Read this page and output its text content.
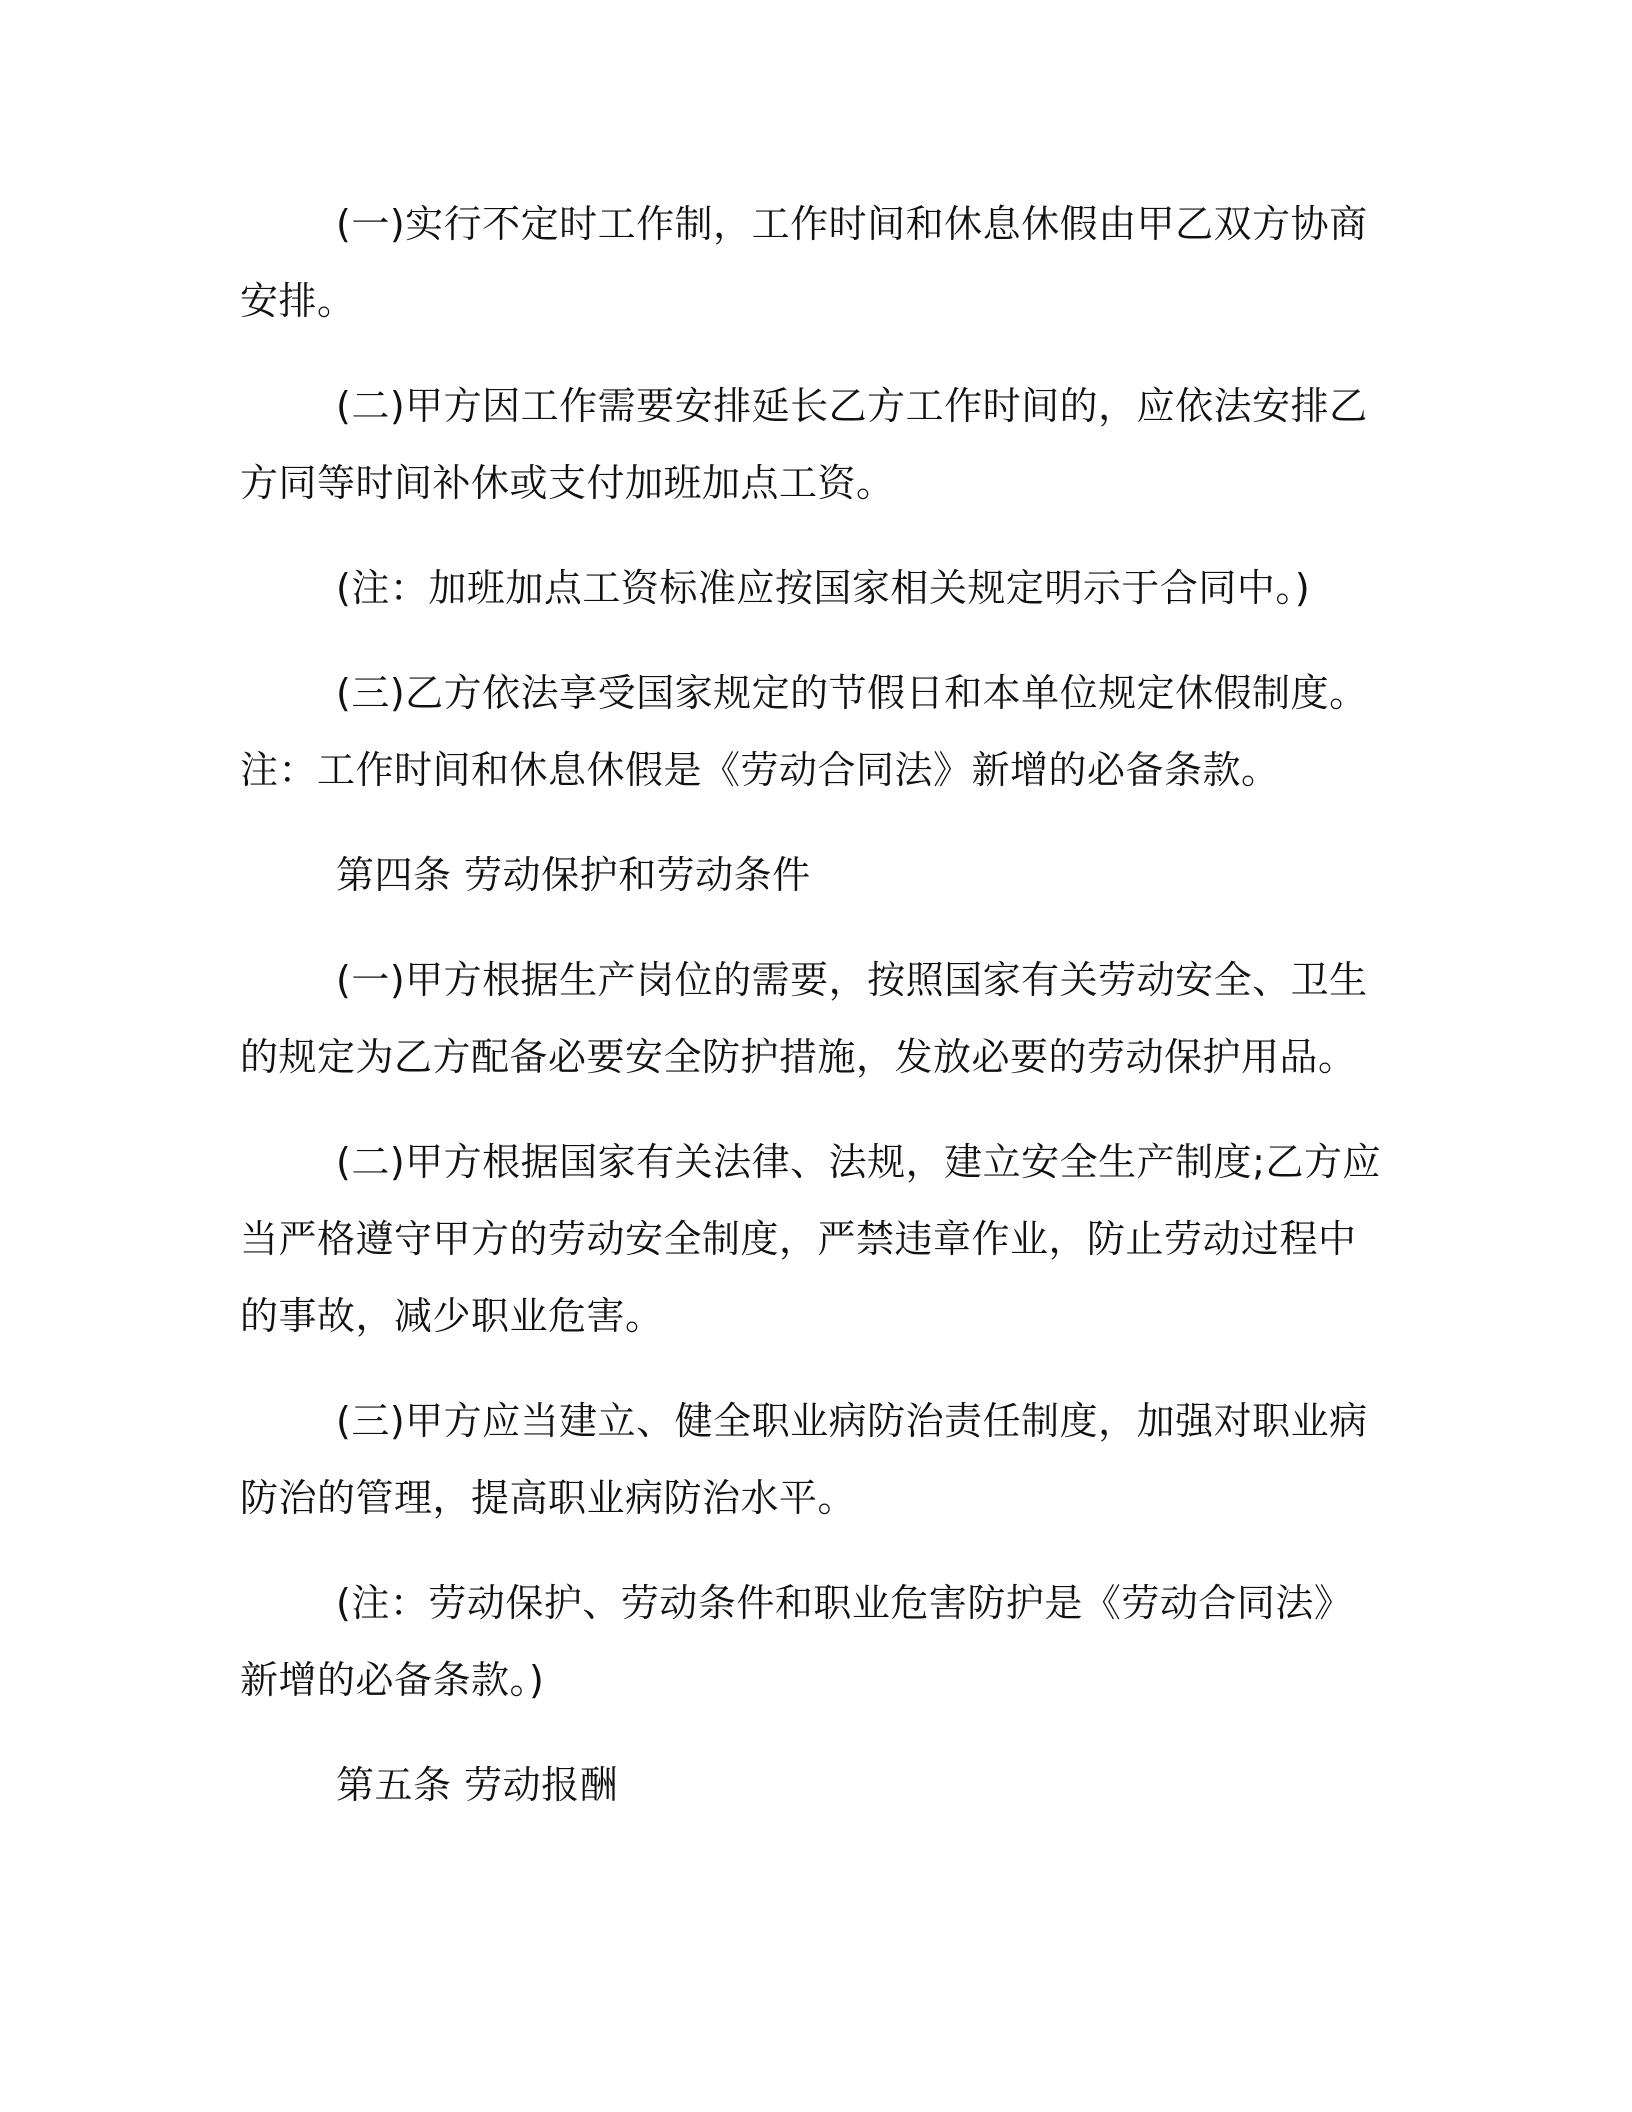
(一)实行不定时工作制，工作时间和休息休假由甲乙双方协商安排。

(二)甲方因工作需要安排延长乙方工作时间的，应依法安排乙方同等时间补休或支付加班加点工资。

(注：加班加点工资标准应按国家相关规定明示于合同中。)

(三)乙方依法享受国家规定的节假日和本单位规定休假制度。 注：工作时间和休息休假是《劳动合同法》新增的必备条款。

第四条 劳动保护和劳动条件

(一)甲方根据生产岗位的需要，按照国家有关劳动安全、卫生的规定为乙方配备必要安全防护措施，发放必要的劳动保护用品。

(二)甲方根据国家有关法律、法规，建立安全生产制度;乙方应当严格遵守甲方的劳动安全制度，严禁违章作业，防止劳动过程中的事故，减少职业危害。

(三)甲方应当建立、健全职业病防治责任制度，加强对职业病防治的管理，提高职业病防治水平。

(注：劳动保护、劳动条件和职业危害防护是《劳动合同法》新增的必备条款。)

第五条 劳动报酬
